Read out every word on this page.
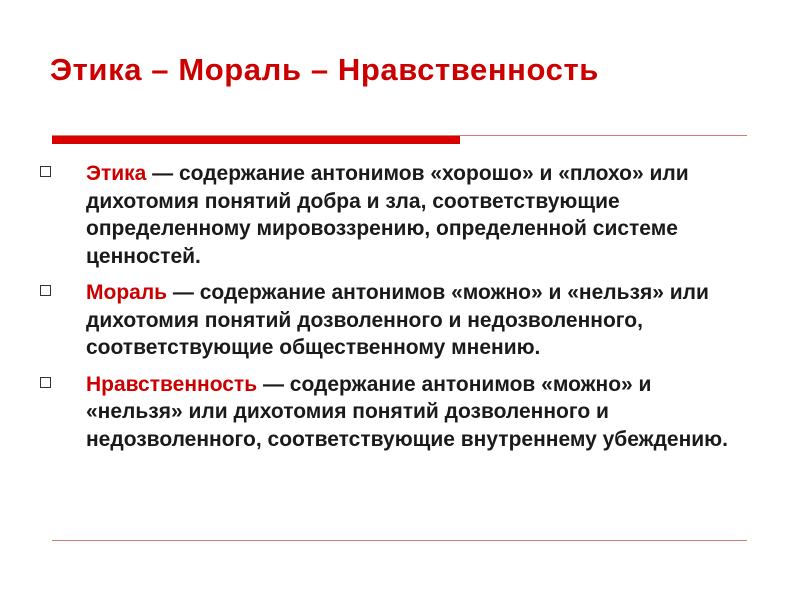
Этика – Мораль – Нравственность
Этика — содержание антонимов «хорошо» и «плохо» или дихотомия понятий добра и зла, соответствующие определенному мировоззрению, определенной системе ценностей.
Мораль — содержание антонимов «можно» и «нельзя» или дихотомия понятий дозволенного и недозволенного, соответствующие общественному мнению.
Нравственность — содержание антонимов «можно» и «нельзя» или дихотомия понятий дозволенного и недозволенного, соответствующие внутреннему убеждению.
